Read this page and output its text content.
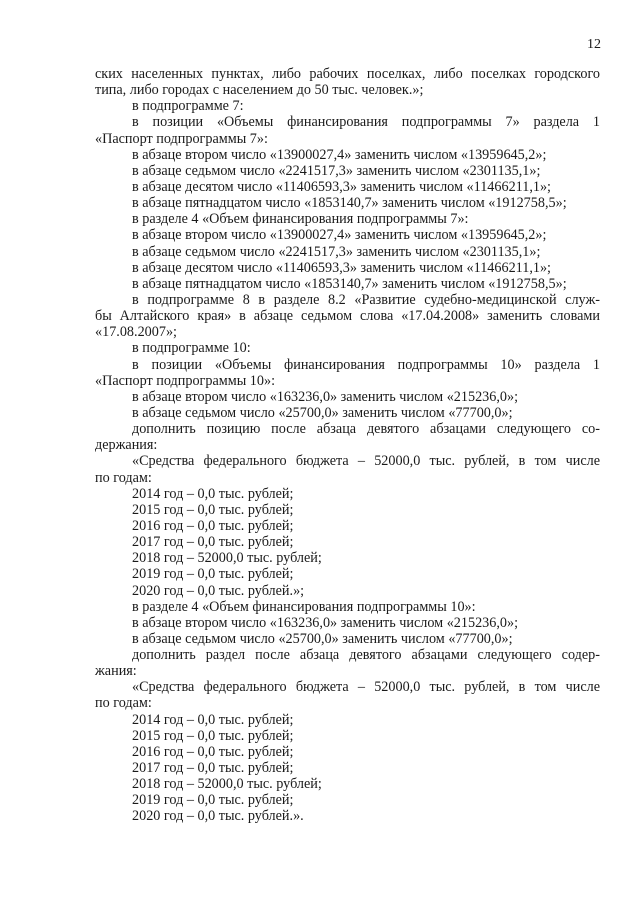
12
ских населенных пунктах, либо рабочих поселках, либо поселках городского
типа, либо городах с населением до 50 тыс. человек.»;
в подпрограмме 7:
в позиции «Объемы финансирования подпрограммы 7» раздела 1
«Паспорт подпрограммы 7»:
в абзаце втором число «13900027,4» заменить числом «13959645,2»;
в абзаце седьмом число «2241517,3» заменить числом «2301135,1»;
в абзаце десятом число «11406593,3» заменить числом «11466211,1»;
в абзаце пятнадцатом число «1853140,7» заменить числом «1912758,5»;
в разделе 4 «Объем финансирования подпрограммы 7»:
в абзаце втором число «13900027,4» заменить числом «13959645,2»;
в абзаце седьмом число «2241517,3» заменить числом «2301135,1»;
в абзаце десятом число «11406593,3» заменить числом «11466211,1»;
в абзаце пятнадцатом число «1853140,7» заменить числом «1912758,5»;
в подпрограмме 8 в разделе 8.2 «Развитие судебно-медицинской служ-
бы Алтайского края» в абзаце седьмом слова «17.04.2008» заменить словами
«17.08.2007»;
в подпрограмме 10:
в позиции «Объемы финансирования подпрограммы 10» раздела 1
«Паспорт подпрограммы 10»:
в абзаце втором число «163236,0» заменить числом «215236,0»;
в абзаце седьмом число «25700,0» заменить числом «77700,0»;
дополнить позицию после абзаца девятого абзацами следующего со-
держания:
«Средства федерального бюджета – 52000,0 тыс. рублей, в том числе
по годам:
2014 год – 0,0 тыс. рублей;
2015 год – 0,0 тыс. рублей;
2016 год – 0,0 тыс. рублей;
2017 год – 0,0 тыс. рублей;
2018 год – 52000,0 тыс. рублей;
2019 год – 0,0 тыс. рублей;
2020 год – 0,0 тыс. рублей.»;
в разделе 4 «Объем финансирования подпрограммы 10»:
в абзаце втором число «163236,0» заменить числом «215236,0»;
в абзаце седьмом число «25700,0» заменить числом «77700,0»;
дополнить раздел после абзаца девятого абзацами следующего содер-
жания:
«Средства федерального бюджета – 52000,0 тыс. рублей, в том числе
по годам:
2014 год – 0,0 тыс. рублей;
2015 год – 0,0 тыс. рублей;
2016 год – 0,0 тыс. рублей;
2017 год – 0,0 тыс. рублей;
2018 год – 52000,0 тыс. рублей;
2019 год – 0,0 тыс. рублей;
2020 год – 0,0 тыс. рублей.».
